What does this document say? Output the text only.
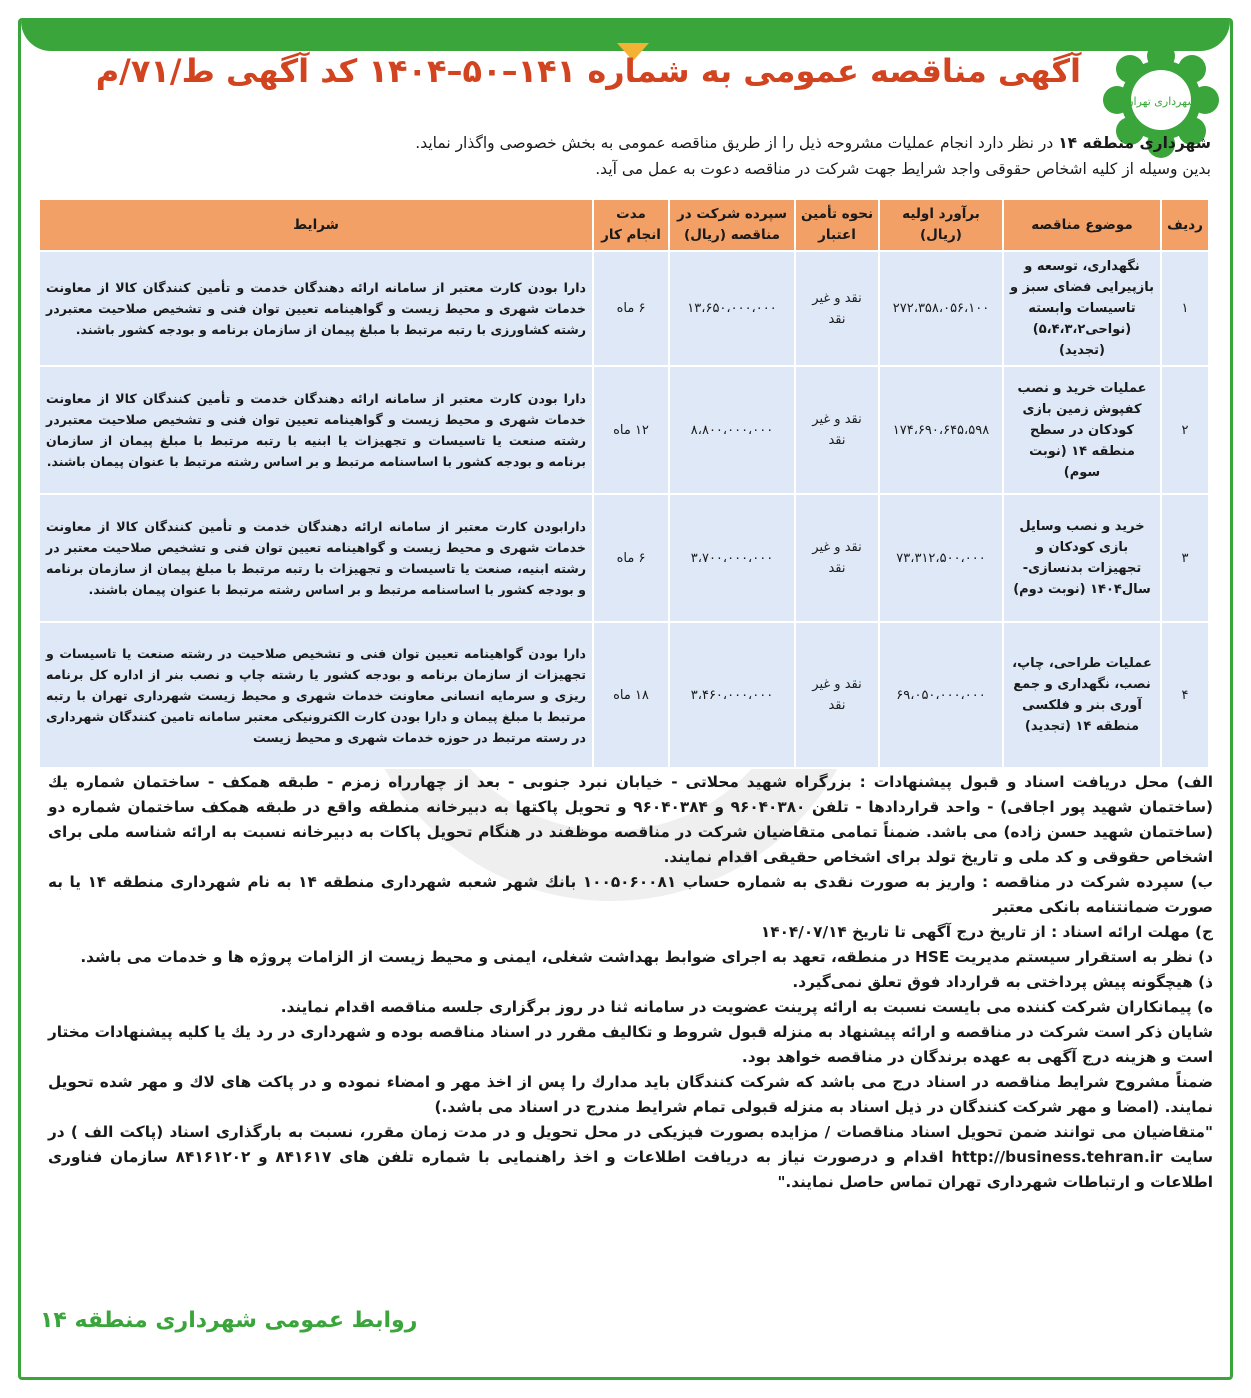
شهرداری تهران
آگهی مناقصه عمومی به شماره ۱۴۱–۵۰–۱۴۰۴ کد آگهی ط/۷۱/م
شهرداری منطقه ۱۴ در نظر دارد انجام عملیات مشروحه ذیل را از طریق مناقصه عمومی به بخش خصوصی واگذار نماید.
بدین وسیله از کلیه اشخاص حقوقی واجد شرایط جهت شرکت در مناقصه دعوت به عمل می آید.
ردیف	موضوع مناقصه	برآورد اولیه (ریال)	نحوه تأمین اعتبار	سپرده شرکت در مناقصه (ریال)	مدت انجام کار	شرایط
۱	نگهداری، توسعه و بازپیرایی فضای سبز و تاسیسات وابسته (نواحی۵،۴،۳،۲) (تجدید)	۲۷۲،۳۵۸،۰۵۶،۱۰۰	نقد و غیر نقد	۱۳،۶۵۰،۰۰۰،۰۰۰	۶ ماه	دارا بودن کارت معتبر از سامانه ارائه دهندگان خدمت و تأمین کنندگان کالا از معاونت خدمات شهری و محیط زیست و گواهینامه تعیین توان فنی و تشخیص صلاحیت معتبردر رشته کشاورزی با رتبه مرتبط با مبلغ پیمان از سازمان برنامه و بودجه کشور باشند.
۲	عملیات خرید و نصب کفپوش زمین بازی کودکان در سطح منطقه ۱۴ (نوبت سوم)	۱۷۴،۶۹۰،۶۴۵،۵۹۸	نقد و غیر نقد	۸،۸۰۰،۰۰۰،۰۰۰	۱۲ ماه	دارا بودن کارت معتبر از سامانه ارائه دهندگان خدمت و تأمین کنندگان کالا از معاونت خدمات شهری و محیط زیست و گواهینامه تعیین توان فنی و تشخیص صلاحیت معتبردر رشته صنعت یا تاسیسات و تجهیزات یا ابنیه با رتبه مرتبط با مبلغ پیمان از سازمان برنامه و بودجه کشور با اساسنامه مرتبط و بر اساس رشته مرتبط با عنوان پیمان باشند.
۳	خرید و نصب وسایل بازی کودکان و تجهیزات بدنسازی- سال۱۴۰۴ (نوبت دوم)	۷۳،۳۱۲،۵۰۰،۰۰۰	نقد و غیر نقد	۳،۷۰۰،۰۰۰،۰۰۰	۶ ماه	دارابودن کارت معتبر از سامانه ارائه دهندگان خدمت و تأمین کنندگان کالا از معاونت خدمات شهری و محیط زیست و گواهینامه تعیین توان فنی و تشخیص صلاحیت معتبر در رشته ابنیه، صنعت یا تاسیسات و تجهیزات با رتبه مرتبط با مبلغ پیمان از سازمان برنامه و بودجه کشور با اساسنامه مرتبط و بر اساس رشته مرتبط با عنوان پیمان باشند.
۴	عملیات طراحی، چاپ، نصب، نگهداری و جمع آوری بنر و فلکسی منطقه ۱۴ (تجدید)	۶۹،۰۵۰،۰۰۰،۰۰۰	نقد و غیر نقد	۳،۴۶۰،۰۰۰،۰۰۰	۱۸ ماه	دارا بودن گواهینامه تعیین توان فنی و تشخیص صلاحیت در رشته صنعت یا تاسیسات و تجهیزات از سازمان برنامه و بودجه کشور یا رشته چاپ و نصب بنر از اداره کل برنامه ریزی و سرمایه انسانی معاونت خدمات شهری و محیط زیست شهرداری تهران با رتبه مرتبط با مبلغ پیمان و دارا بودن کارت الکترونیکی معتبر سامانه تامین کنندگان شهرداری در رسته مرتبط در حوزه خدمات شهری و محیط زیست

الف) محل دریافت اسناد و قبول پیشنهادات : بزرگراه شهید محلاتی - خیابان نبرد جنوبی - بعد از چهارراه زمزم - طبقه همکف - ساختمان شماره یك (ساختمان شهید پور اجاقی) - واحد قراردادها - تلفن ۹۶۰۴۰۳۸۰ و ۹۶۰۴۰۳۸۴ و تحویل پاکتها به دبیرخانه منطقه واقع در طبقه همکف ساختمان شماره دو (ساختمان شهید حسن زاده) می باشد. ضمناً تمامی متقاضیان شرکت در مناقصه موظفند در هنگام تحویل پاکات به دبیرخانه نسبت به ارائه شناسه ملی برای اشخاص حقوقی و کد ملی و تاریخ تولد برای اشخاص حقیقی اقدام نمایند.

ب) سپرده شرکت در مناقصه : واریز به صورت نقدی به شماره حساب ۱۰۰۵۰۶۰۰۸۱ بانك شهر شعبه شهرداری منطقه ۱۴ به نام شهرداری منطقه ۱۴ یا به صورت ضمانتنامه بانکی معتبر

ج) مهلت ارائه اسناد : از تاریخ درج آگهی تا تاریخ ۱۴۰۴/۰۷/۱۴

د) نظر به استقرار سیستم مدیریت HSE در منطقه، تعهد به اجرای ضوابط بهداشت شغلی، ایمنی و محیط زیست از الزامات پروژه ها و خدمات می باشد.

ذ) هیچگونه پیش پرداختی به قرارداد فوق تعلق نمی‌گیرد.

ه) پیمانکاران شرکت کننده می بایست نسبت به ارائه پرینت عضویت در سامانه ثنا در روز برگزاری جلسه مناقصه اقدام نمایند.

شایان ذکر است شرکت در مناقصه و ارائه پیشنهاد به منزله قبول شروط و تکالیف مقرر در اسناد مناقصه بوده و شهرداری در رد یك یا کلیه پیشنهادات مختار است و هزینه درج آگهی به عهده برندگان در مناقصه خواهد بود.

ضمناً مشروح شرایط مناقصه در اسناد درج می باشد که شرکت کنندگان باید مدارك را پس از اخذ مهر و امضاء نموده و در پاکت های لاك و مهر شده تحویل نمایند. (امضا و مهر شرکت کنندگان در ذیل اسناد به منزله قبولی تمام شرایط مندرج در اسناد می باشد.)

"متقاضیان می توانند ضمن تحویل اسناد مناقصات / مزایده بصورت فیزیکی در محل تحویل و در مدت زمان مقرر، نسبت به بارگذاری اسناد (پاکت الف ) در سایت http://business.tehran.ir اقدام و درصورت نیاز به دریافت اطلاعات و اخذ راهنمایی با شماره تلفن های ۸۴۱۶۱۷ و ۸۴۱۶۱۲۰۲ سازمان فناوری اطلاعات و ارتباطات شهرداری تهران تماس حاصل نمایند."

روابط عمومی شهرداری منطقه ۱۴
